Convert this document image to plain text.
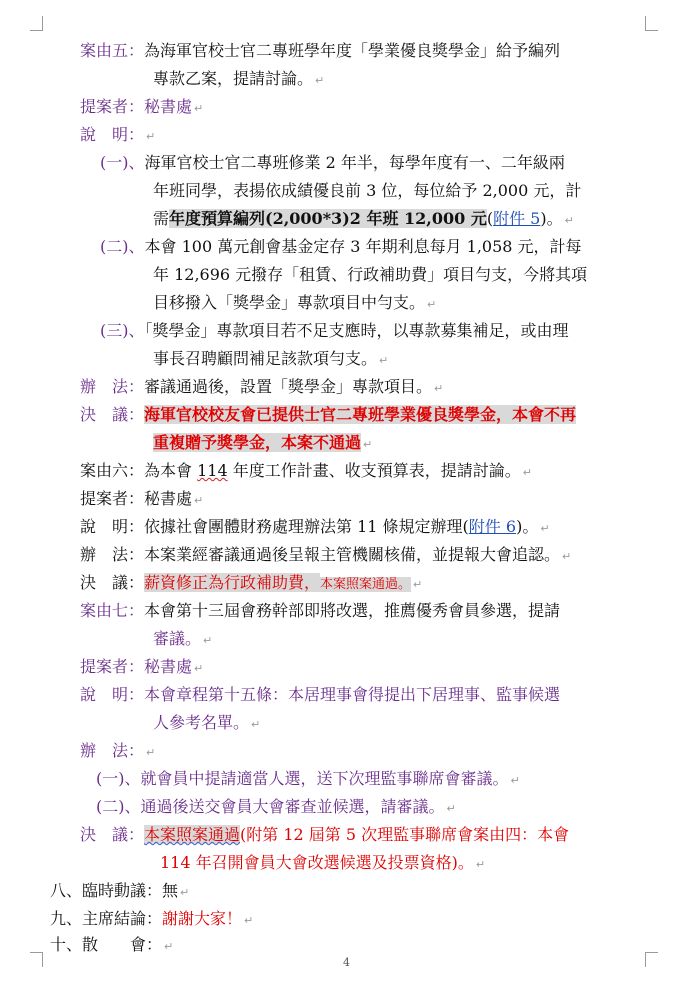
案由五：為海軍官校士官二專班學年度「學業優良獎學金」給予編列
專款乙案，提請討論。 ↵
提案者：秘書處 ↵
說　明： ↵
(一)、海軍官校士官二專班修業 2 年半，每學年度有一、二年級兩
年班同學，表揚依成績優良前 3 位，每位給予 2,000 元，計
需年度預算編列(2,000*3)2 年班 12,000 元(附件 5)。 ↵
(二)、本會 100 萬元創會基金定存 3 年期利息每月 1,058 元，計每
年 12,696 元撥存「租賃、行政補助費」項目勻支，今將其項
目移撥入「獎學金」專款項目中勻支。 ↵
(三)、「獎學金」專款項目若不足支應時，以專款募集補足，或由理
事長召聘顧問補足該款項勻支。 ↵
辦　法：審議通過後，設置「獎學金」專款項目。 ↵
決　議：海軍官校校友會已提供士官二專班學業優良獎學金，本會不再
重複贈予獎學金，本案不通過 ↵
案由六：為本會 114 年度工作計畫、收支預算表，提請討論。 ↵
提案者：秘書處 ↵
說　明：依據社會團體財務處理辦法第 11 條規定辦理(附件 6)。 ↵
辦　法：本案業經審議通過後呈報主管機關核備，並提報大會追認。 ↵
決　議：薪資修正為行政補助費，本案照案通過。 ↵
案由七：本會第十三屆會務幹部即將改選，推薦優秀會員參選，提請
審議。 ↵
提案者：秘書處 ↵
說　明：本會章程第十五條：本居理事會得提出下居理事、監事候選
人參考名單。 ↵
辦　法： ↵
(一)、就會員中提請適當人選，送下次理監事聯席會審議。 ↵
(二)、通過後送交會員大會審查並候選，請審議。 ↵
決　議：本案照案通過(附第 12 屆第 5 次理監事聯席會案由四：本會
114 年召開會員大會改選候選及投票資格)。 ↵
八、臨時動議：無 ↵
九、主席結論：謝謝大家！ ↵
十、散　　會： ↵
4
